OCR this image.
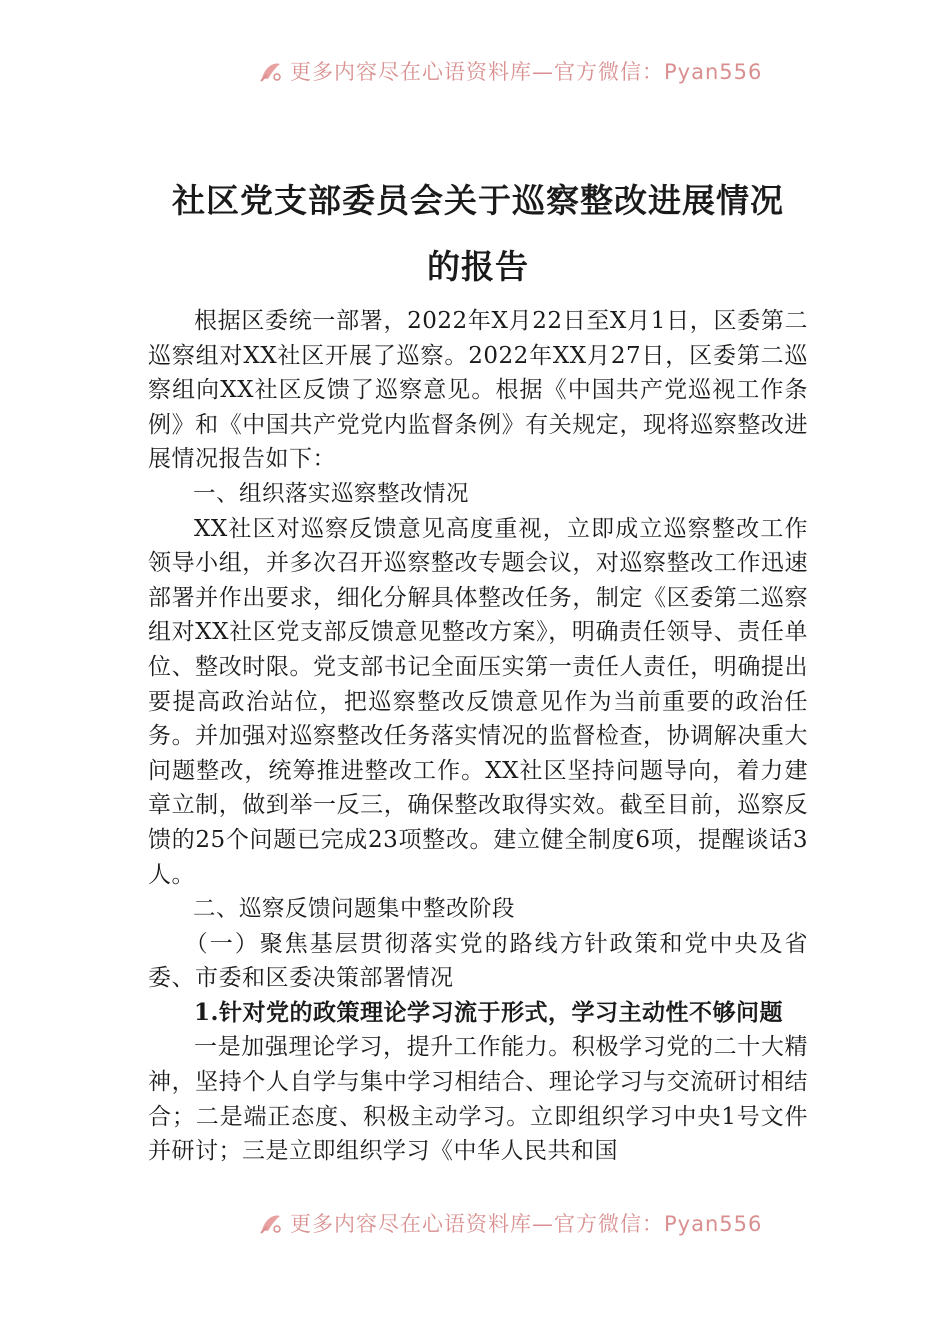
更多内容尽在心语资料库—官方微信：Pyan556
社区党支部委员会关于巡察整改进展情况
的报告

根据区委统一部署，2022年X月22日至X月1日，区委第二巡察组对XX社区开展了巡察。2022年XX月27日，区委第二巡察组向XX社区反馈了巡察意见。根据《中国共产党巡视工作条例》和《中国共产党党内监督条例》有关规定，现将巡察整改进展情况报告如下：

一、组织落实巡察整改情况

XX社区对巡察反馈意见高度重视，立即成立巡察整改工作领导小组，并多次召开巡察整改专题会议，对巡察整改工作迅速部署并作出要求，细化分解具体整改任务，制定《区委第二巡察组对XX社区党支部反馈意见整改方案》，明确责任领导、责任单位、整改时限。党支部书记全面压实第一责任人责任，明确提出要提高政治站位，把巡察整改反馈意见作为当前重要的政治任务。并加强对巡察整改任务落实情况的监督检查，协调解决重大问题整改，统筹推进整改工作。XX社区坚持问题导向，着力建章立制，做到举一反三，确保整改取得实效。截至目前，巡察反馈的25个问题已完成23项整改。建立健全制度6项，提醒谈话3人。

二、巡察反馈问题集中整改阶段

（一）聚焦基层贯彻落实党的路线方针政策和党中央及省委、市委和区委决策部署情况

1.针对党的政策理论学习流于形式，学习主动性不够问题

一是加强理论学习，提升工作能力。积极学习党的二十大精神，坚持个人自学与集中学习相结合、理论学习与交流研讨相结合；二是端正态度、积极主动学习。立即组织学习中央1号文件并研讨；三是立即组织学习《中华人民共和国

更多内容尽在心语资料库—官方微信：Pyan556
